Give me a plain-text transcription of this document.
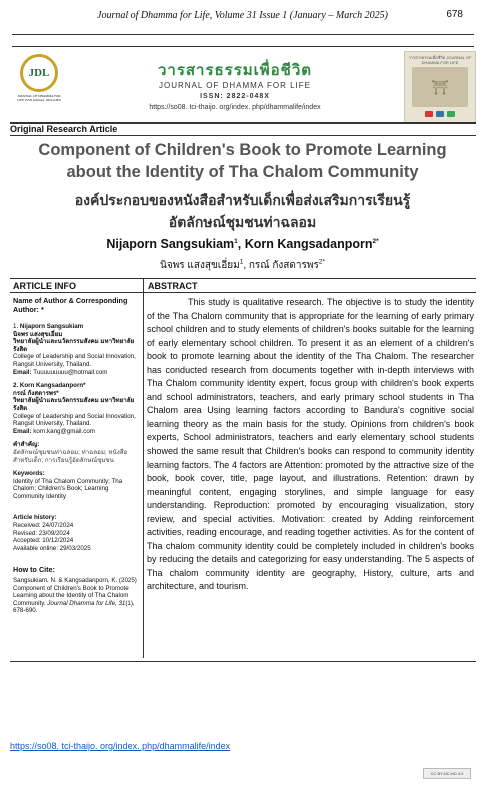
Journal of Dhamma for Life, Volume 31 Issue 1 (January – March 2025)	678
JDL
JOURNAL OF DHAMMA FOR LIFE ISSN (Online): 2822-048X
วารสารธรรมเพื่อชีวิต
JOURNAL OF DHAMMA FOR LIFE
ISSN: 2822-048X
https://so08. tci-thaijo. org/index. php/dhammalife/index
วารสารธรรมเพื่อชีวิต JOURNAL OF DHAMMA FOR LIFE
⛩
Original Research Article
Component of Children's Book to Promote Learning
about the Identity of Tha Chalom Community
องค์ประกอบของหนังสือสำหรับเด็กเพื่อส่งเสริมการเรียนรู้
อัตลักษณ์ชุมชนท่าฉลอม
Nijaporn Sangsukiam$^1$, Korn Kangsadanporn$^{2*}$
นิจพร แสงสุขเอี่ยม$^1$, กรณ์ กังสดารพร$^{2*}$
ARTICLE INFO	ABSTRACT

Name of Author & Corresponding Author: *

1. Nijaporn Sangsukiam

นิจพร แสงสุขเอี่ยม

วิทยาลัยผู้นำและนวัตกรรมสังคม มหาวิทยาลัยรังสิต

College of Leadership and Social Innovation, Rangsit University, Thailand.

Email: Tuuuuuuuuu@hotmail.com

2. Korn Kangsadanporn*

กรณ์ กังสดารพร*

วิทยาลัยผู้นำและนวัตกรรมสังคม มหาวิทยาลัยรังสิต

College of Leadership and Social Innovation, Rangsit University, Thailand.

Email: korn.kang@gmail.com

คำสำคัญ:

อัตลักษณ์ชุมชนท่าฉลอม; ท่าฉลอม; หนังสือสำหรับเด็ก; การเรียนรู้อัตลักษณ์ชุมชน

Keywords:

Identity of Tha Chalom Community; Tha Chalom; Children's Book; Learning Community Identity

Article history:

Received: 24/07/2024

Revised: 23/09/2024

Accepted: 10/12/2024

Available online: 29/03/2025

How to Cite:

Sangsukiam, N. & Kangsadanporn, K. (2025) Component of Children's Book to Promote Learning about the Identity of Tha Chalom Community. Journal Dhamma for Life, 31(1), 678-690.

This study is qualitative research. The objective is to study the identity of the Tha Chalom community that is appropriate for the learning of early primary school children and to study elements of children's books suitable for the learning of early elementary school children. To present it as an element of a children's book to promote learning about the identity of the Tha Chalom. The researcher has conducted research from documents together with in-depth interviews with Tha Chalom community identity expert, focus group with children's book experts and school administrators, teachers, and early primary school students in Tha Chalom area Using learning factors according to Bandura's cognitive social learning theory as the main basis for the study. Opinions from children's book experts, School administrators, teachers and early elementary school students showed the same result that Children's books can respond to community identity learning factors. The 4 factors are Attention: promoted by the attractive size of the book, book cover, title, page layout, and illustrations. Retention: drawn by meaningful content, engaging storylines, and simple language for easy understanding. Reproduction: promoted by encouraging visualization, story review, and special activities. Motivation: created by Adding reinforcement activities, reading encourage, and reading together activities. As for the content of Tha chalom community identity could be completely included in children's books by reducing the details and categorizing for easy understanding. The 5 aspects of Tha chalom community identity are geography, History, culture, arts and architecture, and tourism.
https://so08. tci-thaijo. org/index. php/dhammalife/index
CC BY-NC-ND 4.0
